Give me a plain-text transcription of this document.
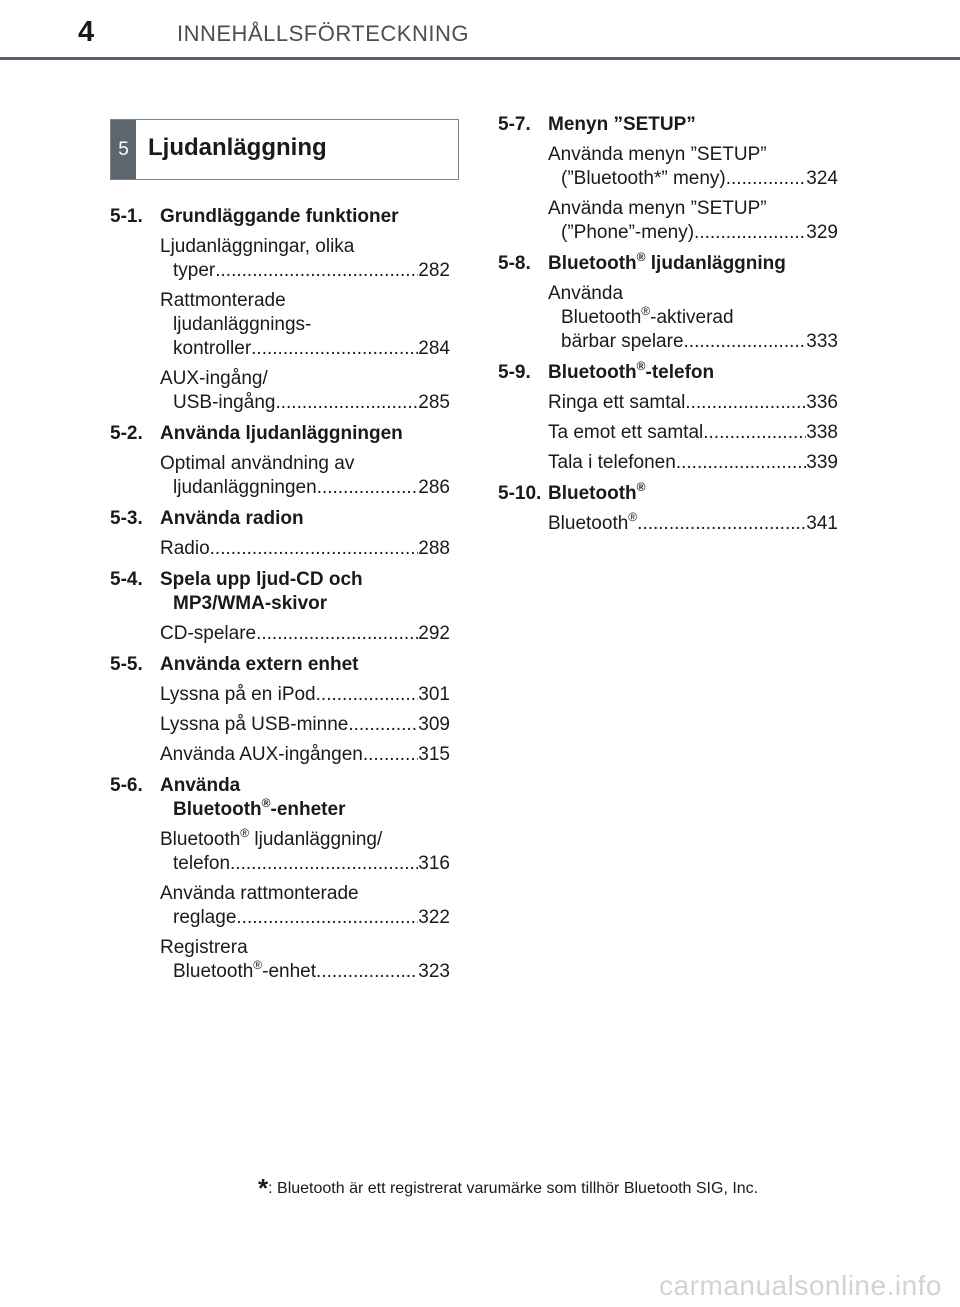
4	INNEHÅLLSFÖRTECKNING
5 Ljudanläggning
5-1. Grundläggande funktioner
Ljudanläggningar, olika
typer .....	282
Rattmonterade
ljudanläggnings-
kontroller .....	284
AUX-ingång/
USB-ingång .....	285
5-2. Använda ljudanläggningen
Optimal användning av
ljudanläggningen .....	286
5-3. Använda radion
Radio .....	288
5-4. Spela upp ljud-CD och
MP3/WMA-skivor
CD-spelare .....	292
5-5. Använda extern enhet
Lyssna på en iPod .....	301
Lyssna på USB-minne .....	309
Använda AUX-ingången .....	315
5-6. Använda
Bluetooth®-enheter
Bluetooth® ljudanläggning/
telefon .....	316
Använda rattmonterade
reglage .....	322
Registrera
Bluetooth®-enhet .....	323
5-7. Menyn ”SETUP”
Använda menyn ”SETUP”
(”Bluetooth*” meny) .....	324
Använda menyn ”SETUP”
(”Phone”-meny) .....	329
5-8. Bluetooth® ljudanläggning
Använda
Bluetooth®-aktiverad
bärbar spelare .....	333
5-9. Bluetooth®-telefon
Ringa ett samtal .....	336
Ta emot ett samtal .....	338
Tala i telefonen .....	339
5-10. Bluetooth®
Bluetooth® .....	341
*: Bluetooth är ett registrerat varumärke som tillhör Bluetooth SIG, Inc.
carmanualsonline.info
